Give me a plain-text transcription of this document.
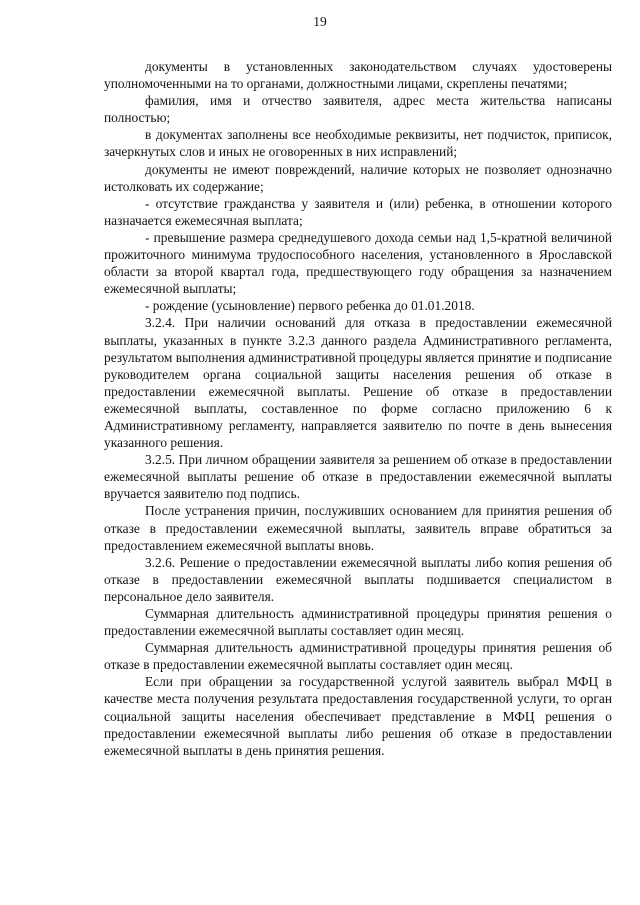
19

документы в установленных законодательством случаях удостоверены уполномоченными на то органами, должностными лицами, скреплены печатями;

фамилия, имя и отчество заявителя, адрес места жительства написаны полностью;

в документах заполнены все необходимые реквизиты, нет подчисток, приписок, зачеркнутых слов и иных не оговоренных в них исправлений;

документы не имеют повреждений, наличие которых не позволяет однозначно истолковать их содержание;

- отсутствие гражданства у заявителя и (или) ребенка, в отношении которого назначается ежемесячная выплата;

- превышение размера среднедушевого дохода семьи над 1,5-кратной величиной прожиточного минимума трудоспособного населения, установленного в Ярославской области за второй квартал года, предшествующего году обращения за назначением ежемесячной выплаты;

- рождение (усыновление) первого ребенка до 01.01.2018.

3.2.4. При наличии оснований для отказа в предоставлении ежемесячной выплаты, указанных в пункте 3.2.3 данного раздела Административного регламента, результатом выполнения административной процедуры является принятие и подписание руководителем органа социальной защиты населения решения об отказе в предоставлении ежемесячной выплаты. Решение об отказе в предоставлении ежемесячной выплаты, составленное по форме согласно приложению 6 к Административному регламенту, направляется заявителю по почте в день вынесения указанного решения.

3.2.5. При личном обращении заявителя за решением об отказе в предоставлении ежемесячной выплаты решение об отказе в предоставлении ежемесячной выплаты вручается заявителю под подпись.

После устранения причин, послуживших основанием для принятия решения об отказе в предоставлении ежемесячной выплаты, заявитель вправе обратиться за предоставлением ежемесячной выплаты вновь.

3.2.6. Решение о предоставлении ежемесячной выплаты либо копия решения об отказе в предоставлении ежемесячной выплаты подшивается специалистом в персональное дело заявителя.

Суммарная длительность административной процедуры принятия решения о предоставлении ежемесячной выплаты составляет один месяц.

Суммарная длительность административной процедуры принятия решения об отказе в предоставлении ежемесячной выплаты составляет один месяц.

Если при обращении за государственной услугой заявитель выбрал МФЦ в качестве места получения результата предоставления государственной услуги, то орган социальной защиты населения обеспечивает представление в МФЦ решения о предоставлении ежемесячной выплаты либо решения об отказе в предоставлении ежемесячной выплаты в день принятия решения.
